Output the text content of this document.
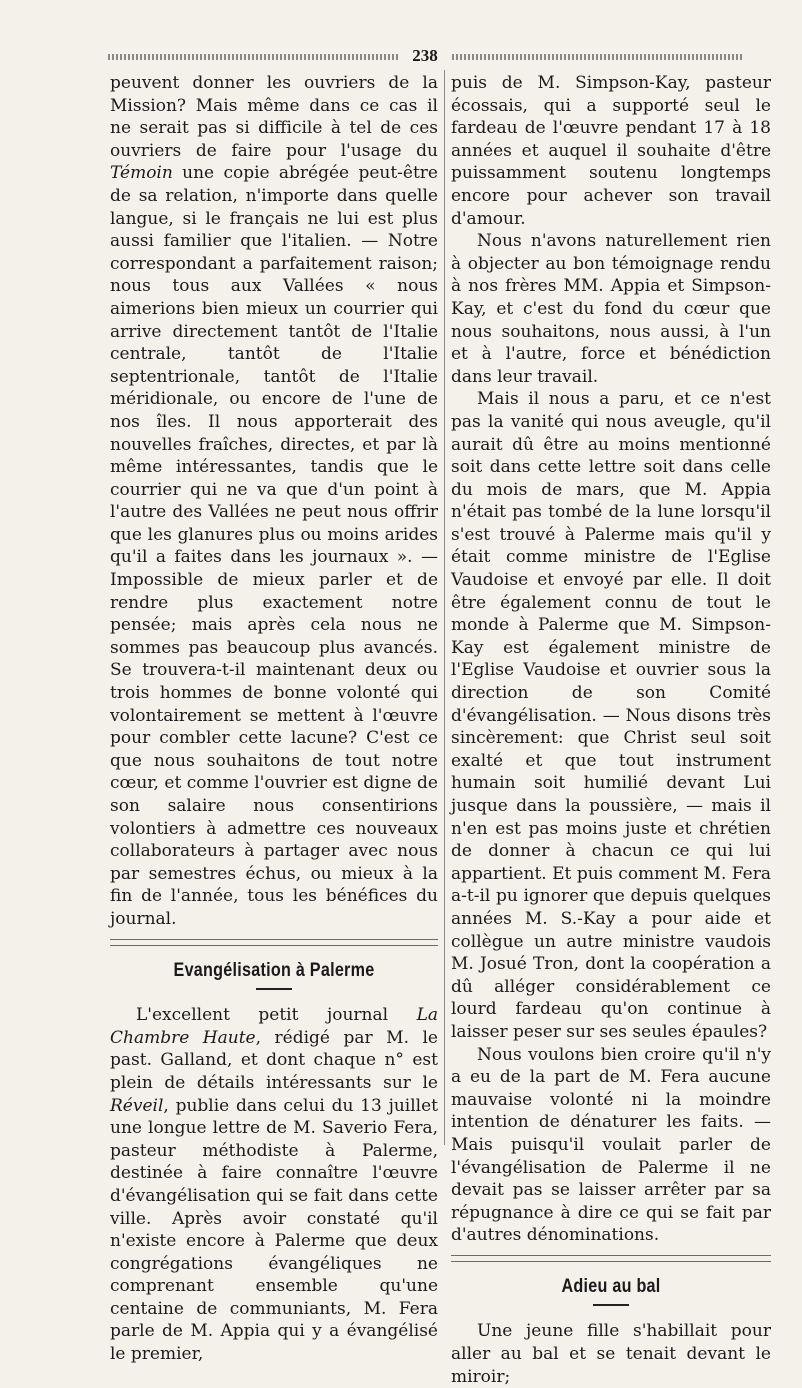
238

peuvent donner les ouvriers de la Mission? Mais même dans ce cas il ne serait pas si difficile à tel de ces ouvriers de faire pour l'usage du Témoin une copie abrégée peut-être de sa relation, n'importe dans quelle langue, si le français ne lui est plus aussi familier que l'italien. — Notre correspondant a parfaitement raison; nous tous aux Vallées « nous aimerions bien mieux un courrier qui arrive directement tantôt de l'Italie centrale, tantôt de l'Italie septentrionale, tantôt de l'Italie méridionale, ou encore de l'une de nos îles. Il nous apporterait des nouvelles fraîches, directes, et par là même intéressantes, tandis que le courrier qui ne va que d'un point à l'autre des Vallées ne peut nous offrir que les glanures plus ou moins arides qu'il a faites dans les journaux ». — Impossible de mieux parler et de rendre plus exactement notre pensée; mais après cela nous ne sommes pas beaucoup plus avancés. Se trouvera-t-il maintenant deux ou trois hommes de bonne volonté qui volontairement se mettent à l'œuvre pour combler cette lacune? C'est ce que nous souhaitons de tout notre cœur, et comme l'ouvrier est digne de son salaire nous consentirions volontiers à admettre ces nouveaux collaborateurs à partager avec nous par semestres échus, ou mieux à la fin de l'année, tous les bénéfices du journal.

Evangélisation à Palerme

L'excellent petit journal La Chambre Haute, rédigé par M. le past. Galland, et dont chaque n° est plein de détails intéressants sur le Réveil, publie dans celui du 13 juillet une longue lettre de M. Saverio Fera, pasteur méthodiste à Palerme, destinée à faire connaître l'œuvre d'évangélisation qui se fait dans cette ville. Après avoir constaté qu'il n'existe encore à Palerme que deux congrégations évangéliques ne comprenant ensemble qu'une centaine de communiants, M. Fera parle de M. Appia qui y a évangélisé le premier,

puis de M. Simpson-Kay, pasteur écossais, qui a supporté seul le fardeau de l'œuvre pendant 17 à 18 années et auquel il souhaite d'être puissamment soutenu longtemps encore pour achever son travail d'amour.

Nous n'avons naturellement rien à objecter au bon témoignage rendu à nos frères MM. Appia et Simpson-Kay, et c'est du fond du cœur que nous souhaitons, nous aussi, à l'un et à l'autre, force et bénédiction dans leur travail.

Mais il nous a paru, et ce n'est pas la vanité qui nous aveugle, qu'il aurait dû être au moins mentionné soit dans cette lettre soit dans celle du mois de mars, que M. Appia n'était pas tombé de la lune lorsqu'il s'est trouvé à Palerme mais qu'il y était comme ministre de l'Eglise Vaudoise et envoyé par elle. Il doit être également connu de tout le monde à Palerme que M. Simpson-Kay est également ministre de l'Eglise Vaudoise et ouvrier sous la direction de son Comité d'évangélisation. — Nous disons très sincèrement: que Christ seul soit exalté et que tout instrument humain soit humilié devant Lui jusque dans la poussière, — mais il n'en est pas moins juste et chrétien de donner à chacun ce qui lui appartient. Et puis comment M. Fera a-t-il pu ignorer que depuis quelques années M. S.-Kay a pour aide et collègue un autre ministre vaudois M. Josué Tron, dont la coopération a dû alléger considérablement ce lourd fardeau qu'on continue à laisser peser sur ses seules épaules?

Nous voulons bien croire qu'il n'y a eu de la part de M. Fera aucune mauvaise volonté ni la moindre intention de dénaturer les faits. — Mais puisqu'il voulait parler de l'évangélisation de Palerme il ne devait pas se laisser arrêter par sa répugnance à dire ce qui se fait par d'autres dénominations.

Adieu au bal

Une jeune fille s'habillait pour aller au bal et se tenait devant le miroir;
